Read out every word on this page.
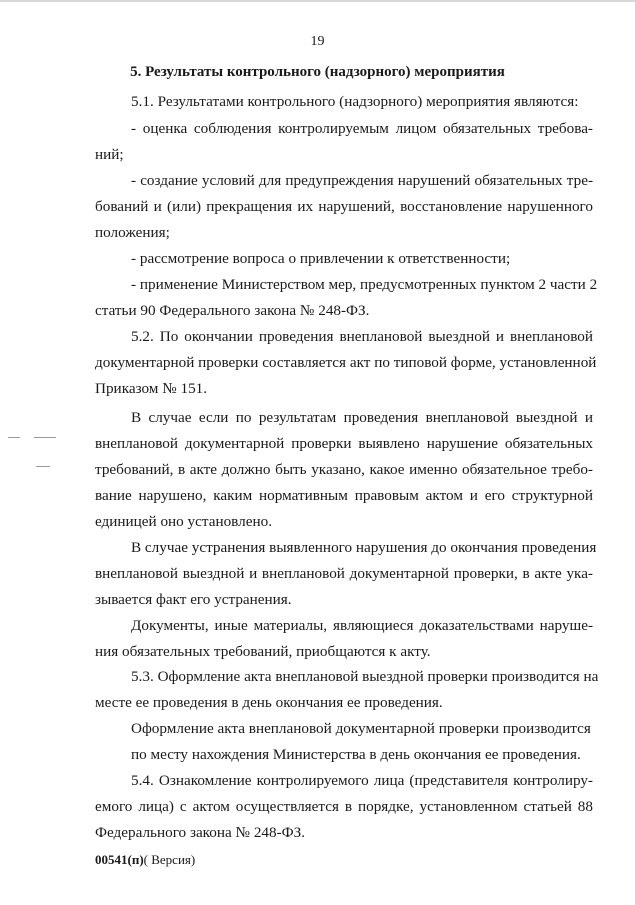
19
5. Результаты контрольного (надзорного) мероприятия
5.1. Результатами контрольного (надзорного) мероприятия являются:
- оценка соблюдения контролируемым лицом обязательных требова-
ний;
- создание условий для предупреждения нарушений обязательных тре-
бований и (или) прекращения их нарушений, восстановление нарушенного
положения;
- рассмотрение вопроса о привлечении к ответственности;
- применение Министерством мер, предусмотренных пунктом 2 части 2
статьи 90 Федерального закона № 248-ФЗ.
5.2. По окончании проведения внеплановой выездной и внеплановой
документарной проверки составляется акт по типовой форме, установленной
Приказом № 151.
В случае если по результатам проведения внеплановой выездной и
внеплановой документарной проверки выявлено нарушение обязательных
требований, в акте должно быть указано, какое именно обязательное требо-
вание нарушено, каким нормативным правовым актом и его структурной
единицей оно установлено.
В случае устранения выявленного нарушения до окончания проведения
внеплановой выездной и внеплановой документарной проверки, в акте ука-
зывается факт его устранения.
Документы, иные материалы, являющиеся доказательствами наруше-
ния обязательных требований, приобщаются к акту.
5.3. Оформление акта внеплановой выездной проверки производится на
месте ее проведения в день окончания ее проведения.
Оформление акта внеплановой документарной проверки производится
по месту нахождения Министерства в день окончания ее проведения.
5.4. Ознакомление контролируемого лица (представителя контролиру-
емого лица) с актом осуществляется в порядке, установленном статьей 88
Федерального закона № 248-ФЗ.
00541(п)( Версия)
